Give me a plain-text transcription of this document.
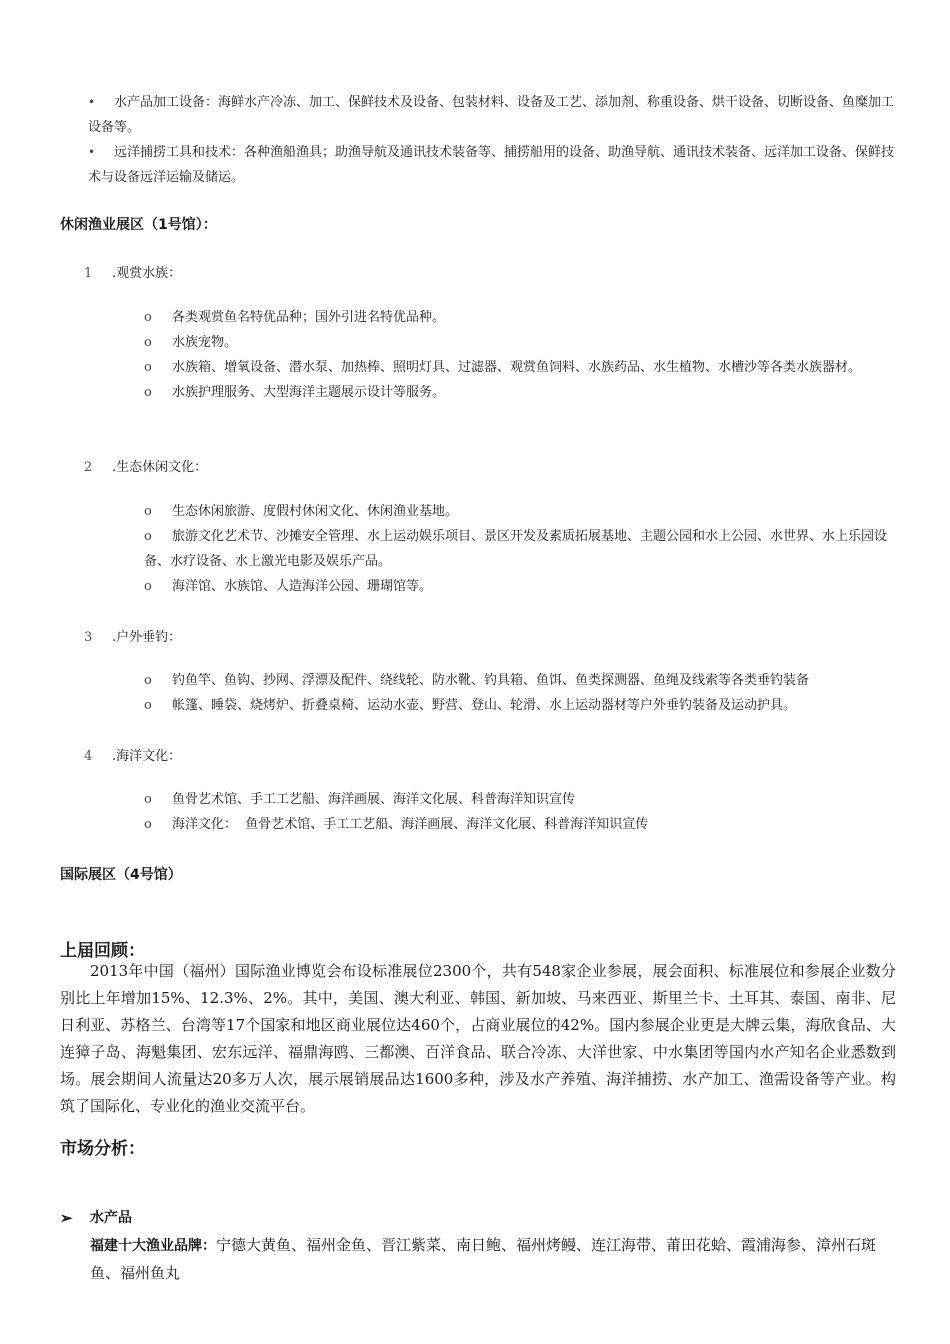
•	水产品加工设备：海鲜水产冷冻、加工、保鲜技术及设备、包装材料、设备及工艺、添加剂、称重设备、烘干设备、切断设备、鱼糜加工设备等。
•	远洋捕捞工具和技术：各种渔船渔具；助渔导航及通讯技术装备等、捕捞船用的设备、助渔导航、通讯技术装备、远洋加工设备、保鲜技术与设备远洋运输及储运。
休闲渔业展区（1号馆）：
1 .观赏水族：
o	各类观赏鱼名特优品种；国外引进名特优品种。
o	水族宠物。
o	水族箱、增氧设备、潜水泵、加热棒、照明灯具、过滤器、观赏鱼饲料、水族药品、水生植物、水槽沙等各类水族器材。
o	水族护理服务、大型海洋主题展示设计等服务。
2 .生态休闲文化：
o	生态休闲旅游、度假村休闲文化、休闲渔业基地。
o	旅游文化艺术节、沙摊安全管理、水上运动娱乐项目、景区开发及素质拓展基地、主题公园和水上公园、水世界、水上乐园设备、水疗设备、水上激光电影及娱乐产品。
o	海洋馆、水族馆、人造海洋公园、珊瑚馆等。
3 .户外垂钓：
o	钓鱼竿、鱼钩、抄网、浮漂及配件、绕线轮、防水靴、钓具箱、鱼饵、鱼类探测器、鱼绳及线索等各类垂钓装备
o	帐篷、睡袋、烧烤炉、折叠桌椅、运动水壶、野营、登山、轮滑、水上运动器材等户外垂钓装备及运动护具。
4 .海洋文化：
o	鱼骨艺术馆、手工工艺船、海洋画展、海洋文化展、科普海洋知识宣传
o	海洋文化：  鱼骨艺术馆、手工工艺船、海洋画展、海洋文化展、科普海洋知识宣传
国际展区（4号馆）
上届回顾：
2013年中国（福州）国际渔业博览会布设标准展位2300个，共有548家企业参展，展会面积、标准展位和参展企业数分别比上年增加15%、12.3%、2%。其中，美国、澳大利亚、韩国、新加坡、马来西亚、斯里兰卡、土耳其、泰国、南非、尼日利亚、苏格兰、台湾等17个国家和地区商业展位达460个，占商业展位的42%。国内参展企业更是大牌云集，海欣食品、大连獐子岛、海魁集团、宏东远洋、福鼎海鸥、三都澳、百洋食品、联合冷冻、大洋世家、中水集团等国内水产知名企业悉数到场。展会期间人流量达20多万人次，展示展销展品达1600多种，涉及水产养殖、海洋捕捞、水产加工、渔需设备等产业。构筑了国际化、专业化的渔业交流平台。
市场分析：
➢ 水产品
福建十大渔业品牌：宁德大黄鱼、福州金鱼、晋江紫菜、南日鲍、福州烤鳗、连江海带、莆田花蛤、霞浦海参、漳州石斑鱼、福州鱼丸
